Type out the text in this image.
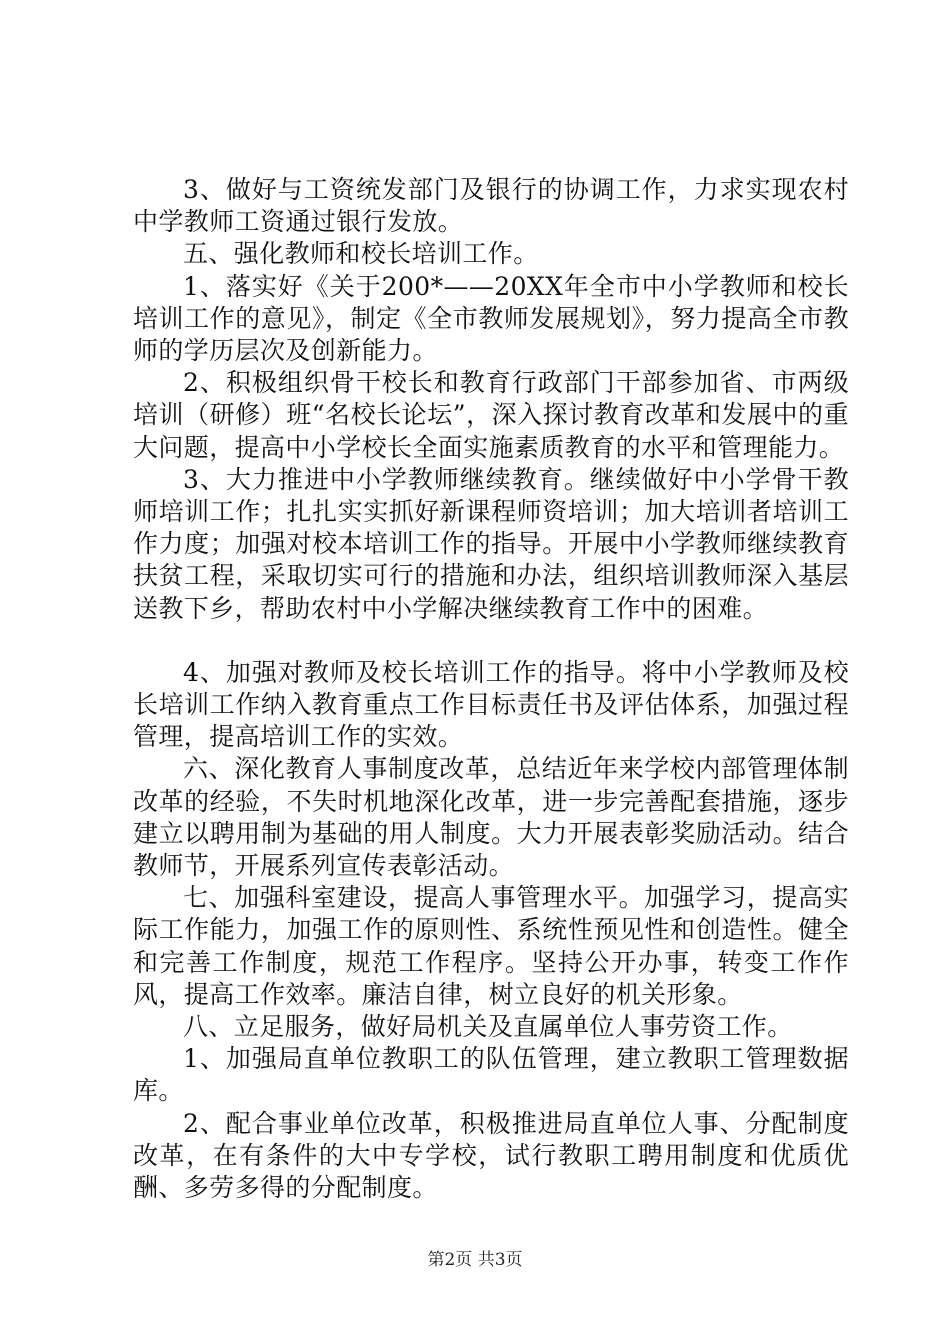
3、做好与工资统发部门及银行的协调工作，力求实现农村中学教师工资通过银行发放。

五、强化教师和校长培训工作。

1、落实好《关于200*——20XX年全市中小学教师和校长培训工作的意见》，制定《全市教师发展规划》，努力提高全市教师的学历层次及创新能力。

2、积极组织骨干校长和教育行政部门干部参加省、市两级培训（研修）班“名校长论坛”，深入探讨教育改革和发展中的重大问题，提高中小学校长全面实施素质教育的水平和管理能力。

3、大力推进中小学教师继续教育。继续做好中小学骨干教师培训工作；扎扎实实抓好新课程师资培训；加大培训者培训工作力度；加强对校本培训工作的指导。开展中小学教师继续教育扶贫工程，采取切实可行的措施和办法，组织培训教师深入基层送教下乡，帮助农村中小学解决继续教育工作中的困难。

4、加强对教师及校长培训工作的指导。将中小学教师及校长培训工作纳入教育重点工作目标责任书及评估体系，加强过程管理，提高培训工作的实效。

六、深化教育人事制度改革，总结近年来学校内部管理体制改革的经验，不失时机地深化改革，进一步完善配套措施，逐步建立以聘用制为基础的用人制度。大力开展表彰奖励活动。结合教师节，开展系列宣传表彰活动。

七、加强科室建设，提高人事管理水平。加强学习，提高实际工作能力，加强工作的原则性、系统性预见性和创造性。健全和完善工作制度，规范工作程序。坚持公开办事，转变工作作风，提高工作效率。廉洁自律，树立良好的机关形象。

八、立足服务，做好局机关及直属单位人事劳资工作。

1、加强局直单位教职工的队伍管理，建立教职工管理数据库。

2、配合事业单位改革，积极推进局直单位人事、分配制度改革，在有条件的大中专学校，试行教职工聘用制度和优质优酬、多劳多得的分配制度。

第2页 共3页
